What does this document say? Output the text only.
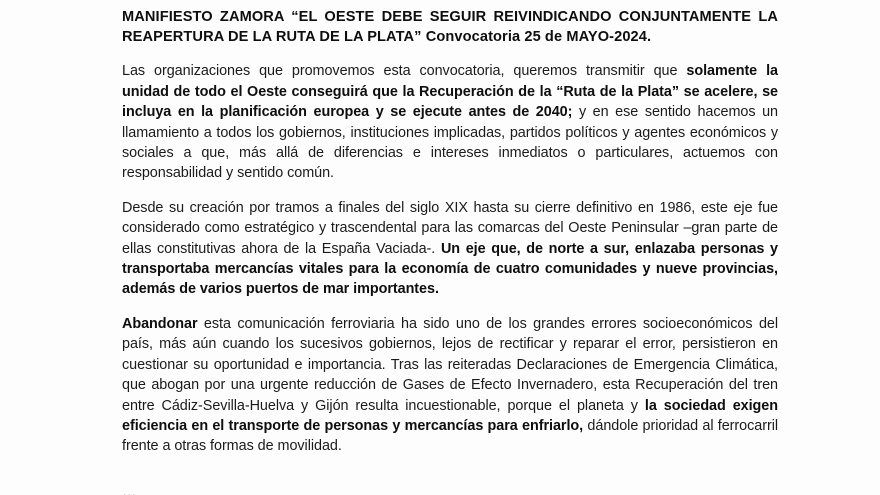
MANIFIESTO ZAMORA “EL OESTE DEBE SEGUIR REIVINDICANDO CONJUNTAMENTE LA REAPERTURA DE LA RUTA DE LA PLATA” Convocatoria 25 de MAYO-2024.

Las organizaciones que promovemos esta convocatoria, queremos transmitir que solamente la unidad de todo el Oeste conseguirá que la Recuperación de la “Ruta de la Plata” se acelere, se incluya en la planificación europea y se ejecute antes de 2040; y en ese sentido hacemos un llamamiento a todos los gobiernos, instituciones implicadas, partidos políticos y agentes económicos y sociales a que, más allá de diferencias e intereses inmediatos o particulares, actuemos con responsabilidad y sentido común.

Desde su creación por tramos a finales del siglo XIX hasta su cierre definitivo en 1986, este eje fue considerado como estratégico y trascendental para las comarcas del Oeste Peninsular –gran parte de ellas constitutivas ahora de la España Vaciada-. Un eje que, de norte a sur, enlazaba personas y transportaba mercancías vitales para la economía de cuatro comunidades y nueve provincias, además de varios puertos de mar importantes.

Abandonar esta comunicación ferroviaria ha sido uno de los grandes errores socioeconómicos del país, más aún cuando los sucesivos gobiernos, lejos de rectificar y reparar el error, persistieron en cuestionar su oportunidad e importancia. Tras las reiteradas Declaraciones de Emergencia Climática, que abogan por una urgente reducción de Gases de Efecto Invernadero, esta Recuperación del tren entre Cádiz-Sevilla-Huelva y Gijón resulta incuestionable, porque el planeta y la sociedad exigen eficiencia en el transporte de personas y mercancías para enfriarlo, dándole prioridad al ferrocarril frente a otras formas de movilidad.

…
